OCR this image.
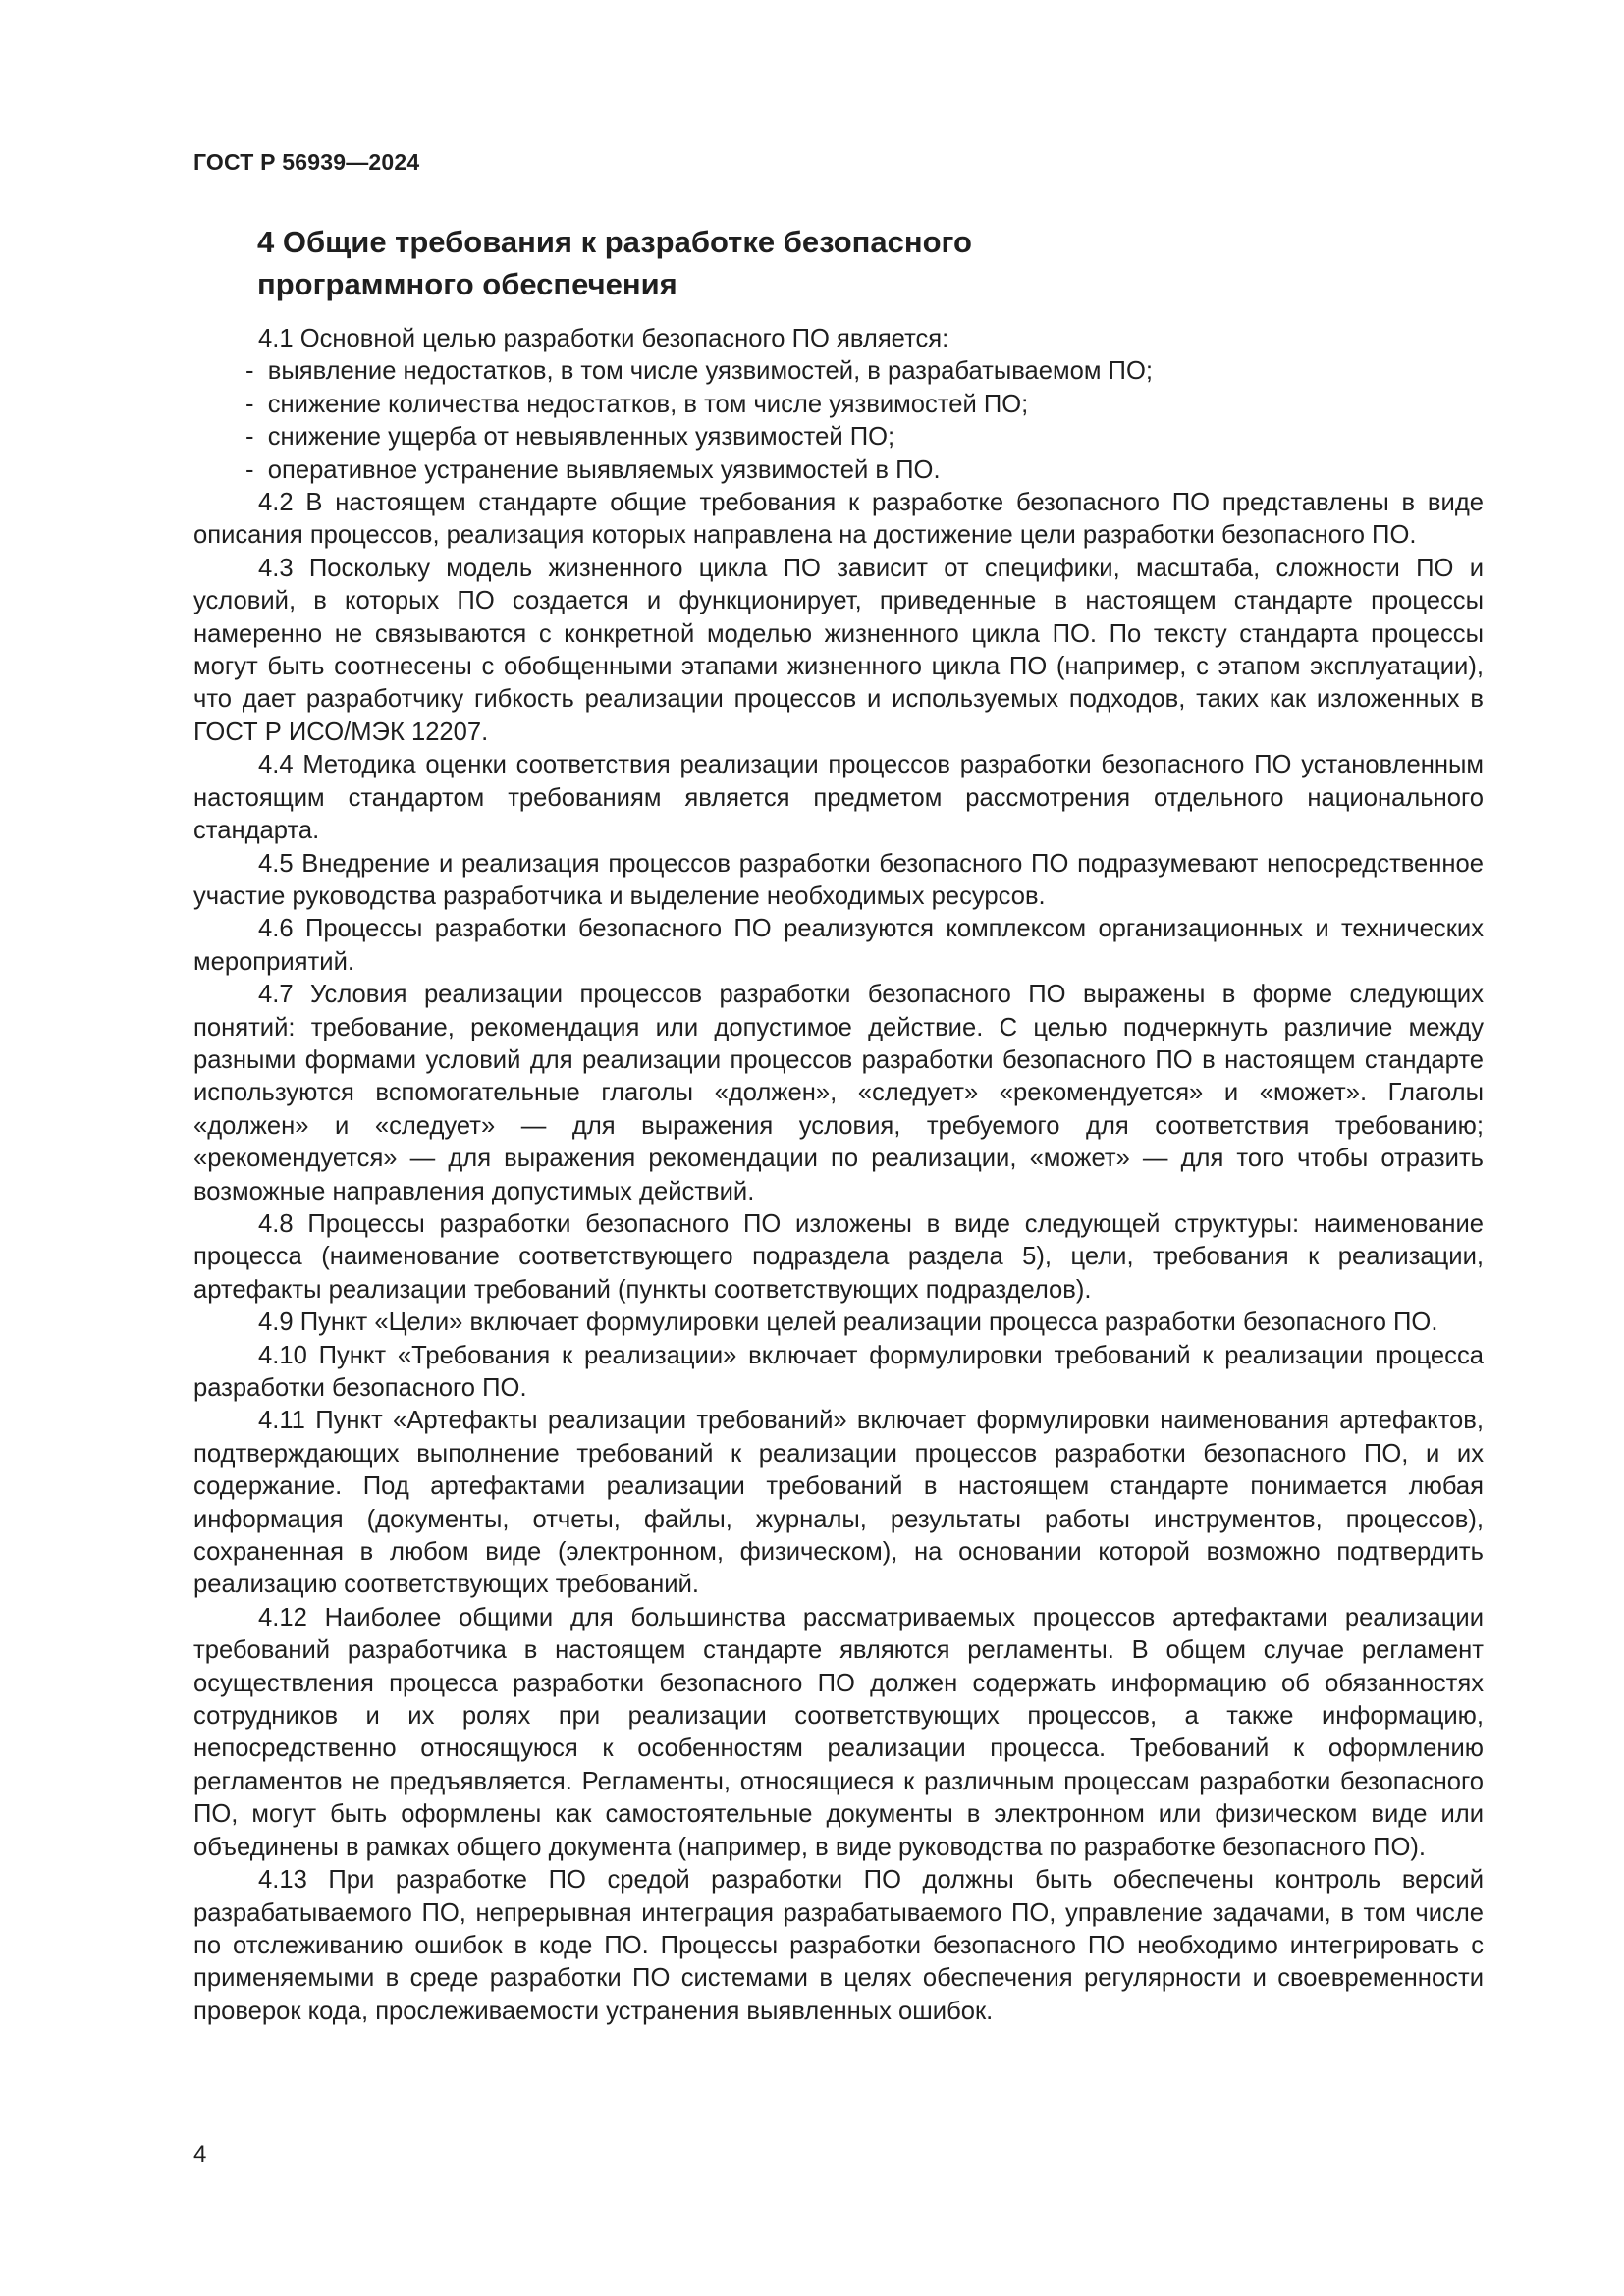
ГОСТ Р 56939—2024
4 Общие требования к разработке безопасного
программного обеспечения

4.1 Основной целью разработки безопасного ПО является:

-  выявление недостатков, в том числе уязвимостей, в разрабатываемом ПО;
-  снижение количества недостатков, в том числе уязвимостей ПО;
-  снижение ущерба от невыявленных уязвимостей ПО;
-  оперативное устранение выявляемых уязвимостей в ПО.

4.2 В настоящем стандарте общие требования к разработке безопасного ПО представлены в виде описания процессов, реализация которых направлена на достижение цели разработки безопасного ПО.

4.3 Поскольку модель жизненного цикла ПО зависит от специфики, масштаба, сложности ПО и условий, в которых ПО создается и функционирует, приведенные в настоящем стандарте процессы намеренно не связываются с конкретной моделью жизненного цикла ПО. По тексту стандарта процессы могут быть соотнесены с обобщенными этапами жизненного цикла ПО (например, с этапом эксплуатации), что дает разработчику гибкость реализации процессов и используемых подходов, таких как изложенных в ГОСТ Р ИСО/МЭК 12207.

4.4 Методика оценки соответствия реализации процессов разработки безопасного ПО установленным настоящим стандартом требованиям является предметом рассмотрения отдельного национального стандарта.

4.5 Внедрение и реализация процессов разработки безопасного ПО подразумевают непосредственное участие руководства разработчика и выделение необходимых ресурсов.

4.6 Процессы разработки безопасного ПО реализуются комплексом организационных и технических мероприятий.

4.7 Условия реализации процессов разработки безопасного ПО выражены в форме следующих понятий: требование, рекомендация или допустимое действие. С целью подчеркнуть различие между разными формами условий для реализации процессов разработки безопасного ПО в настоящем стандарте используются вспомогательные глаголы «должен», «следует» «рекомендуется» и «может». Глаголы «должен» и «следует» — для выражения условия, требуемого для соответствия требованию; «рекомендуется» — для выражения рекомендации по реализации, «может» — для того чтобы отразить возможные направления допустимых действий.

4.8 Процессы разработки безопасного ПО изложены в виде следующей структуры: наименование процесса (наименование соответствующего подраздела раздела 5), цели, требования к реализации, артефакты реализации требований (пункты соответствующих подразделов).

4.9 Пункт «Цели» включает формулировки целей реализации процесса разработки безопасного ПО.

4.10 Пункт «Требования к реализации» включает формулировки требований к реализации процесса разработки безопасного ПО.

4.11 Пункт «Артефакты реализации требований» включает формулировки наименования артефактов, подтверждающих выполнение требований к реализации процессов разработки безопасного ПО, и их содержание. Под артефактами реализации требований в настоящем стандарте понимается любая информация (документы, отчеты, файлы, журналы, результаты работы инструментов, процессов), сохраненная в любом виде (электронном, физическом), на основании которой возможно подтвердить реализацию соответствующих требований.

4.12 Наиболее общими для большинства рассматриваемых процессов артефактами реализации требований разработчика в настоящем стандарте являются регламенты. В общем случае регламент осуществления процесса разработки безопасного ПО должен содержать информацию об обязанностях сотрудников и их ролях при реализации соответствующих процессов, а также информацию, непосредственно относящуюся к особенностям реализации процесса. Требований к оформлению регламентов не предъявляется. Регламенты, относящиеся к различным процессам разработки безопасного ПО, могут быть оформлены как самостоятельные документы в электронном или физическом виде или объединены в рамках общего документа (например, в виде руководства по разработке безопасного ПО).

4.13 При разработке ПО средой разработки ПО должны быть обеспечены контроль версий разрабатываемого ПО, непрерывная интеграция разрабатываемого ПО, управление задачами, в том числе по отслеживанию ошибок в коде ПО. Процессы разработки безопасного ПО необходимо интегрировать с применяемыми в среде разработки ПО системами в целях обеспечения регулярности и своевременности проверок кода, прослеживаемости устранения выявленных ошибок.

4
